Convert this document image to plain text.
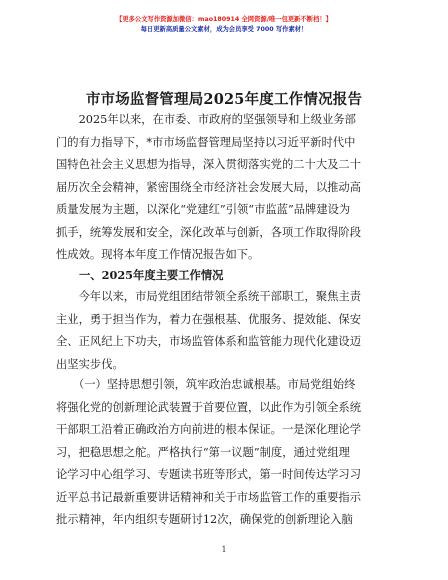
【更多公文写作资源加微信：mao180914 全网资源/唯一包更新不断档！】
每日更新高质量公文素材，成为会员享受 7000 写作素材！
市市场监督管理局2025年度工作情况报告
　　2025年以来，在市委、市政府的坚强领导和上级业务部
门的有力指导下，*市市场监督管理局坚持以习近平新时代中
国特色社会主义思想为指导，深入贯彻落实党的二十大及二十
届历次全会精神，紧密围绕全市经济社会发展大局，以推动高
质量发展为主题，以深化“党建红”引领“市监蓝”品牌建设为
抓手，统筹发展和安全，深化改革与创新，各项工作取得阶段
性成效。现将本年度工作情况报告如下。
一、2025年度主要工作情况
　　今年以来，市局党组团结带领全系统干部职工，聚焦主责
主业，勇于担当作为，着力在强根基、优服务、提效能、保安
全、正风纪上下功夫，市场监管体系和监管能力现代化建设迈
出坚实步伐。
　　（一）坚持思想引领，筑牢政治忠诚根基。市局党组始终
将强化党的创新理论武装置于首要位置，以此作为引领全系统
干部职工沿着正确政治方向前进的根本保证。一是深化理论学
习，把稳思想之舵。严格执行“第一议题”制度，通过党组理
论学习中心组学习、专题读书班等形式，第一时间传达学习习
近平总书记最新重要讲话精神和关于市场监管工作的重要指示
批示精神，年内组织专题研讨12次，确保党的创新理论入脑
1
